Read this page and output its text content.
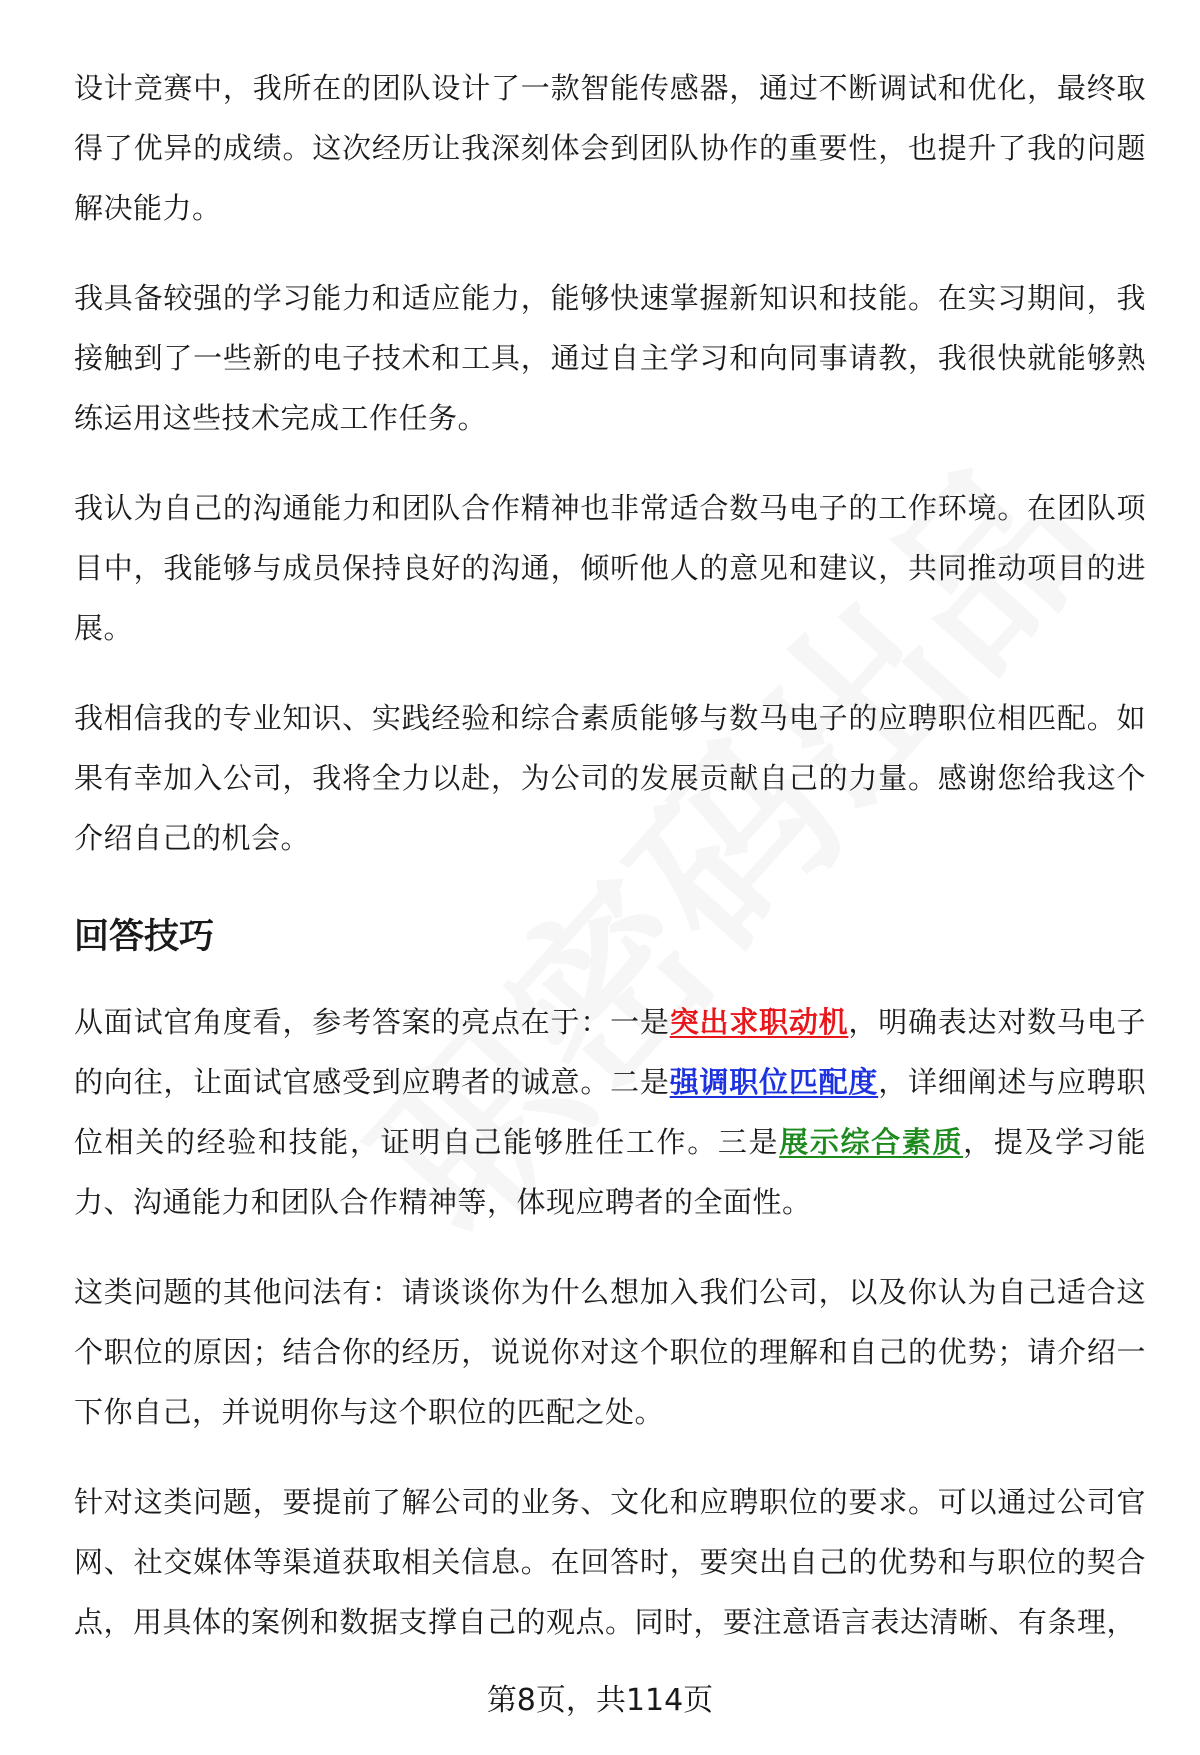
设计竞赛中，我所在的团队设计了一款智能传感器，通过不断调试和优化，最终取得了优异的成绩。这次经历让我深刻体会到团队协作的重要性，也提升了我的问题解决能力。

我具备较强的学习能力和适应能力，能够快速掌握新知识和技能。在实习期间，我接触到了一些新的电子技术和工具，通过自主学习和向同事请教，我很快就能够熟练运用这些技术完成工作任务。

我认为自己的沟通能力和团队合作精神也非常适合数马电子的工作环境。在团队项目中，我能够与成员保持良好的沟通，倾听他人的意见和建议，共同推动项目的进展。

我相信我的专业知识、实践经验和综合素质能够与数马电子的应聘职位相匹配。如果有幸加入公司，我将全力以赴，为公司的发展贡献自己的力量。感谢您给我这个介绍自己的机会。

回答技巧

从面试官角度看，参考答案的亮点在于：一是突出求职动机，明确表达对数马电子的向往，让面试官感受到应聘者的诚意。二是强调职位匹配度，详细阐述与应聘职位相关的经验和技能，证明自己能够胜任工作。三是展示综合素质，提及学习能力、沟通能力和团队合作精神等，体现应聘者的全面性。

这类问题的其他问法有：请谈谈你为什么想加入我们公司，以及你认为自己适合这个职位的原因；结合你的经历，说说你对这个职位的理解和自己的优势；请介绍一下你自己，并说明你与这个职位的匹配之处。

针对这类问题，要提前了解公司的业务、文化和应聘职位的要求。可以通过公司官网、社交媒体等渠道获取相关信息。在回答时，要突出自己的优势和与职位的契合点，用具体的案例和数据支撑自己的观点。同时，要注意语言表达清晰、有条理，

第8页，共114页
